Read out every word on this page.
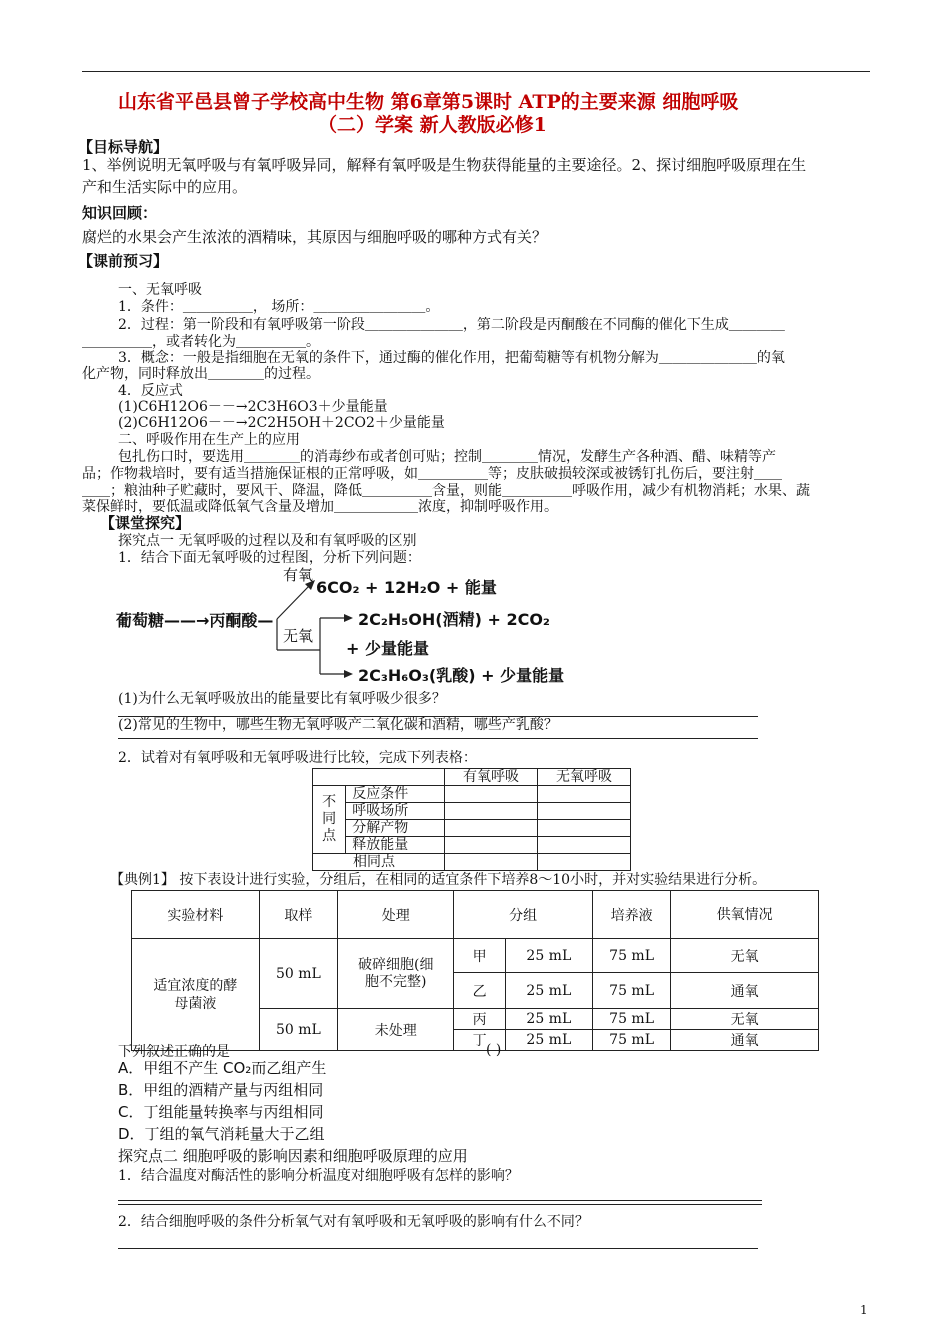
山东省平邑县曾子学校高中生物 第6章第5课时 ATP的主要来源 细胞呼吸
（二）学案 新人教版必修1
【目标导航】
1、举例说明无氧呼吸与有氧呼吸异同，解释有氧呼吸是生物获得能量的主要途径。2、探讨细胞呼吸原理在生
产和生活实际中的应用。
知识回顾：
腐烂的水果会产生浓浓的酒精味，其原因与细胞呼吸的哪种方式有关？
【课前预习】
一、无氧呼吸
1．条件：＿＿＿＿＿， 场所：＿＿＿＿＿＿＿＿。
2．过程：第一阶段和有氧呼吸第一阶段＿＿＿＿＿＿＿，第二阶段是丙酮酸在不同酶的催化下生成＿＿＿＿
＿＿＿＿＿，或者转化为＿＿＿＿＿。
3．概念：一般是指细胞在无氧的条件下，通过酶的催化作用，把葡萄糖等有机物分解为＿＿＿＿＿＿＿的氧
化产物，同时释放出＿＿＿＿的过程。
4．反应式
(1)C6H12O6－－→2C3H6O3＋少量能量
(2)C6H12O6－－→2C2H5OH＋2CO2＋少量能量
二、呼吸作用在生产上的应用
包扎伤口时，要选用＿＿＿＿的消毒纱布或者创可贴；控制＿＿＿＿情况，发酵生产各种酒、醋、味精等产
品；作物栽培时，要有适当措施保证根的正常呼吸，如＿＿＿＿＿等；皮肤破损较深或被锈钉扎伤后，要注射＿＿
＿＿；粮油种子贮藏时，要风干、降温，降低＿＿＿＿＿含量，则能＿＿＿＿＿呼吸作用，减少有机物消耗；水果、蔬
菜保鲜时，要低温或降低氧气含量及增加＿＿＿＿＿＿浓度，抑制呼吸作用。
【课堂探究】
探究点一 无氧呼吸的过程以及和有氧呼吸的区别
1．结合下面无氧呼吸的过程图，分析下列问题：
葡萄糖——→丙酮酸—
有氧
6CO₂ + 12H₂O + 能量
无氧
2C₂H₅OH(酒精) + 2CO₂
+ 少量能量
2C₃H₆O₃(乳酸) + 少量能量
(1)为什么无氧呼吸放出的能量要比有氧呼吸少很多？
(2)常见的生物中，哪些生物无氧呼吸产二氧化碳和酒精，哪些产乳酸？
2．试着对有氧呼吸和无氧呼吸进行比较，完成下列表格：
		有氧呼吸	无氧呼吸
不同点	反应条件		
	呼吸场所		
	分解产物		
	释放能量		
相同点			
【典例1】 按下表设计进行实验，分组后，在相同的适宜条件下培养8～10小时，并对实验结果进行分析。
实验材料	取样	处理	分组		培养液	供氧情况
适宜浓度的酵母菌液	50 mL	破碎细胞(细胞不完整)	甲	25 mL	75 mL	无氧
			乙	25 mL	75 mL	通氧
	50 mL	未处理	丙	25 mL	75 mL	无氧
			丁	25 mL	75 mL	通氧
下列叙述正确的是	( )
A．甲组不产生 CO₂而乙组产生
B．甲组的酒精产量与丙组相同
C．丁组能量转换率与丙组相同
D．丁组的氧气消耗量大于乙组
探究点二 细胞呼吸的影响因素和细胞呼吸原理的应用
1．结合温度对酶活性的影响分析温度对细胞呼吸有怎样的影响？
2．结合细胞呼吸的条件分析氧气对有氧呼吸和无氧呼吸的影响有什么不同？
1
